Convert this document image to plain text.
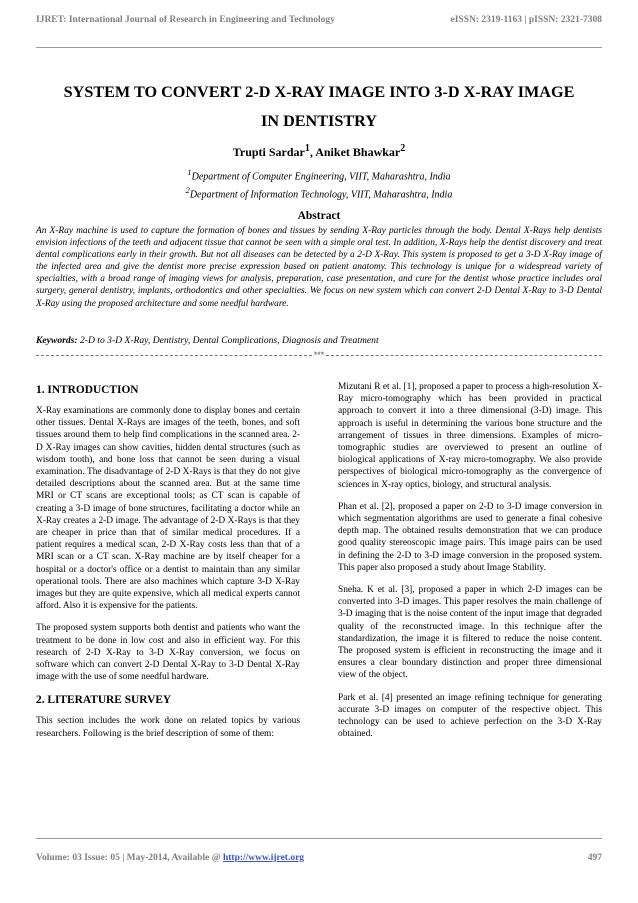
IJRET: International Journal of Research in Engineering and Technology	eISSN: 2319-1163 | pISSN: 2321-7308
SYSTEM TO CONVERT 2-D X-RAY IMAGE INTO 3-D X-RAY IMAGE
IN DENTISTRY
Trupti Sardar$^1$, Aniket Bhawkar$^2$
$^1$Department of Computer Engineering, VIIT, Maharashtra, India
$^2$Department of Information Technology, VIIT, Maharashtra, India
Abstract

An X-Ray machine is used to capture the formation of bones and tissues by sending X-Ray particles through the body. Dental X-Rays help dentists envision infections of the teeth and adjacent tissue that cannot be seen with a simple oral test. In addition, X-Rays help the dentist discovery and treat dental complications early in their growth. But not all diseases can be detected by a 2-D X-Ray. This system is proposed to get a 3-D X-Ray image of the infected area and give the dentist more precise expression based on patient anatomy. This technology is unique for a widespread variety of specialties, with a broad range of imaging views for analysis, preparation, case presentation, and cure for the dentist whose practice includes oral surgery, general dentistry, implants, orthodontics and other specialties. We focus on new system which can convert 2-D Dental X-Ray to 3-D Dental X-Ray using the proposed architecture and some needful hardware.

Keywords: 2-D to 3-D X-Ray, Dentistry, Dental Complications, Diagnosis and Treatment
***
1. INTRODUCTION

X-Ray examinations are commonly done to display bones and certain other tissues. Dental X-Rays are images of the teeth, bones, and soft tissues around them to help find complications in the scanned area. 2-D X-Ray images can show cavities, hidden dental structures (such as wisdom tooth), and bone loss that cannot be seen during a visual examination. The disadvantage of 2-D X-Rays is that they do not give detailed descriptions about the scanned area. But at the same time MRI or CT scans are exceptional tools; as CT scan is capable of creating a 3-D image of bone structures, facilitating a doctor while an X-Ray creates a 2-D image. The advantage of 2-D X-Rays is that they are cheaper in price than that of similar medical procedures. If a patient requires a medical scan, 2-D X-Ray costs less than that of a MRI scan or a CT scan. X-Ray machine are by itself cheaper for a hospital or a doctor's office or a dentist to maintain than any similar operational tools. There are also machines which capture 3-D X-Ray images but they are quite expensive, which all medical experts cannot afford. Also it is expensive for the patients.

The proposed system supports both dentist and patients who want the treatment to be done in low cost and also in efficient way. For this research of 2-D X-Ray to 3-D X-Ray conversion, we focus on software which can convert 2-D Dental X-Ray to 3-D Dental X-Ray image with the use of some needful hardware.

2. LITERATURE SURVEY

This section includes the work done on related topics by various researchers. Following is the brief description of some of them:

Mizutani R et al. [1], proposed a paper to process a high-resolution X-Ray micro-tomography which has been provided in practical approach to convert it into a three dimensional (3-D) image. This approach is useful in determining the various bone structure and the arrangement of tissues in three dimensions. Examples of micro-tomographic studies are overviewed to present an outline of biological applications of X-ray micro-tomography. We also provide perspectives of biological micro-tomography as the convergence of sciences in X-ray optics, biology, and structural analysis.

Phan et al. [2], proposed a paper on 2-D to 3-D image conversion in which segmentation algorithms are used to generate a final cohesive depth map. The obtained results demonstration that we can produce good quality stereoscopic image pairs. This image pairs can be used in defining the 2-D to 3-D image conversion in the proposed system. This paper also proposed a study about Image Stability.

Sneha. K et al. [3], proposed a paper in which 2-D images can be converted into 3-D images. This paper resolves the main challenge of 3-D imaging that is the noise content of the input image that degraded quality of the reconstructed image. In this technique after the standardization, the image it is filtered to reduce the noise content. The proposed system is efficient in reconstructing the image and it ensures a clear boundary distinction and proper three dimensional view of the object.

Park et al. [4] presented an image refining technique for generating accurate 3-D images on computer of the respective object. This technology can be used to achieve perfection on the 3-D X-Ray obtained.

Volume: 03 Issue: 05 | May-2014, Available @ http://www.ijret.org	497
